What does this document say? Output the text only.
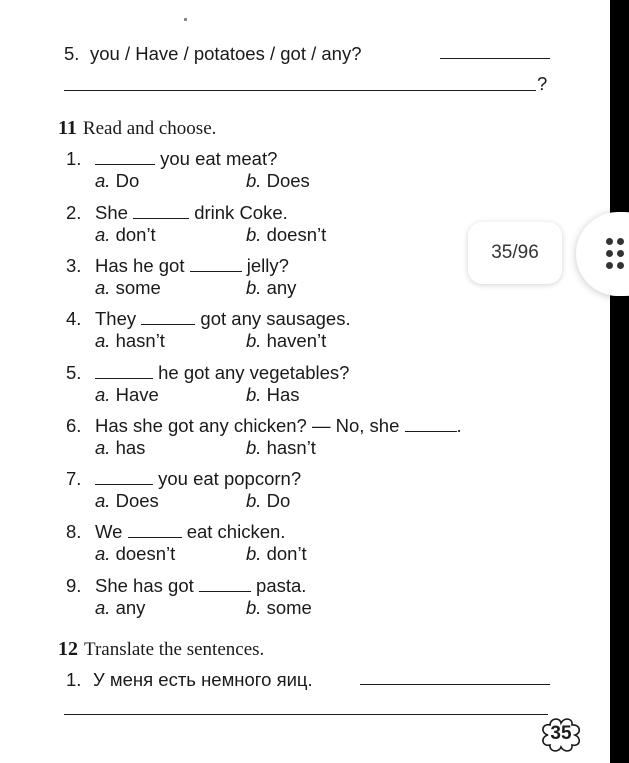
5. you / Have / potatoes / got / any?
?
11 Read and choose.
1.	you eat meat?
a. Do	b. Does
2. She	drink Coke.
a. don’t	b. doesn’t
3. Has he got	jelly?
a. some	b. any
4. They	got any sausages.
a. hasn’t	b. haven’t
5.	he got any vegetables?
a. Have	b. Has
6. Has she got any chicken? — No, she	.
a. has	b. hasn’t
7.	you eat popcorn?
a. Does	b. Do
8. We	eat chicken.
a. doesn’t	b. don’t
9. She has got	pasta.
a. any	b. some
12 Translate the sentences.
1. У меня есть немного яиц.
35
35/96
